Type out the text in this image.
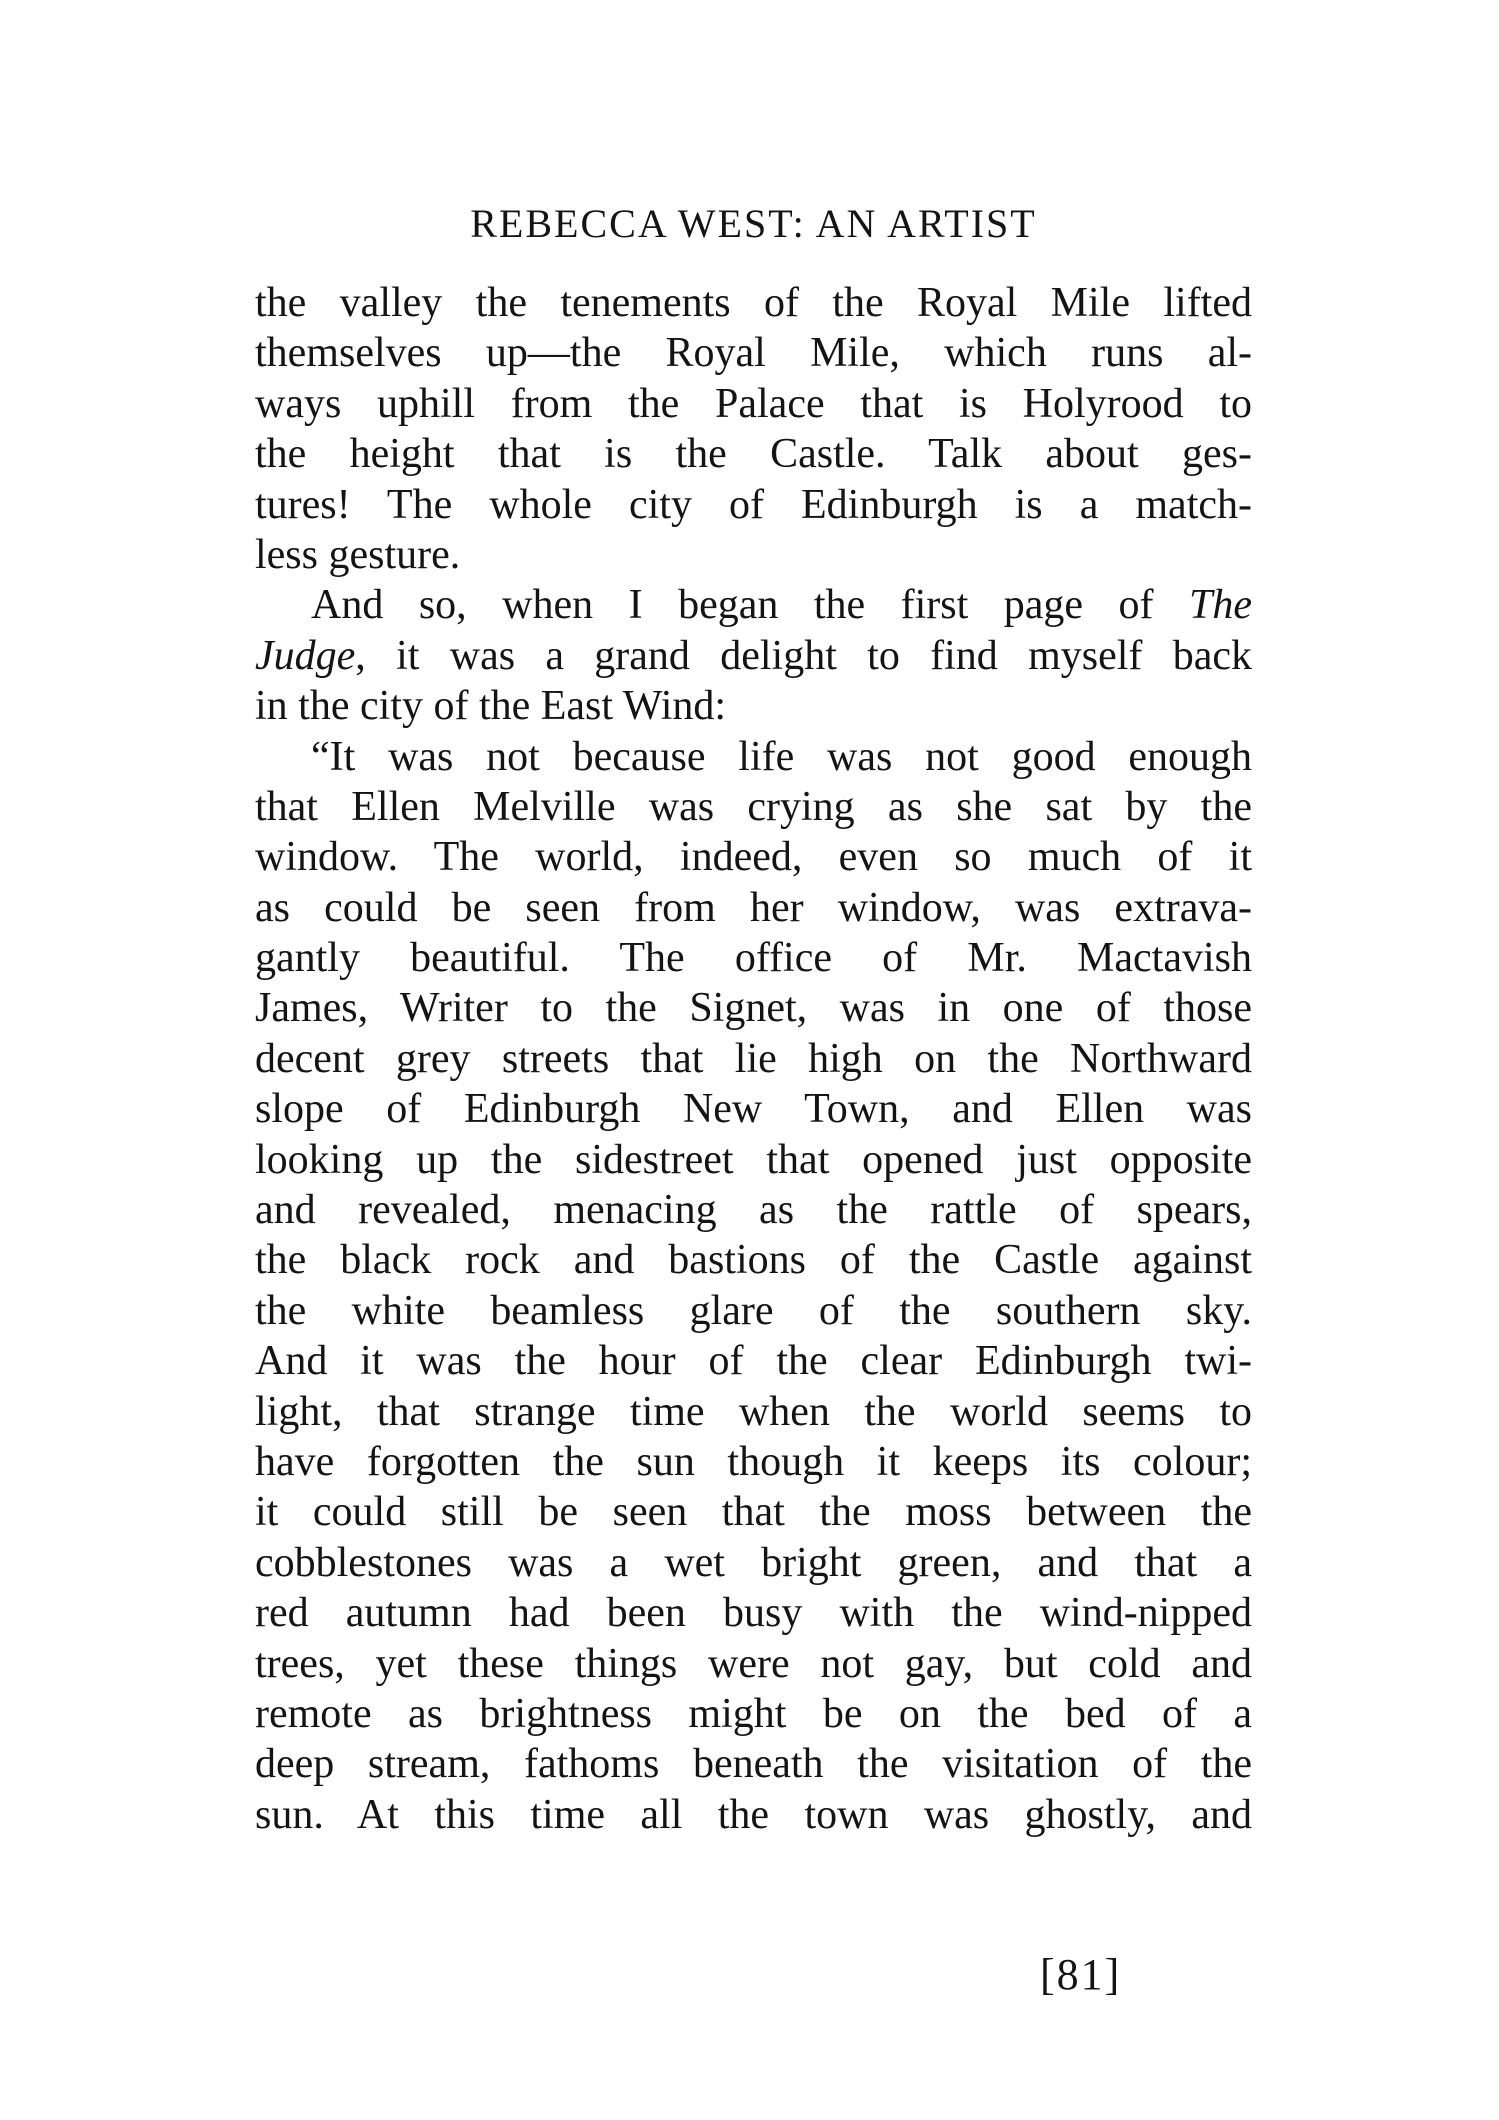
REBECCA WEST: AN ARTIST
the valley the tenements of the Royal Mile lifted
themselves up—the Royal Mile, which runs al-
ways uphill from the Palace that is Holyrood to
the height that is the Castle. Talk about ges-
tures! The whole city of Edinburgh is a match-
less gesture.
And so, when I began the first page of The
Judge, it was a grand delight to find myself back
in the city of the East Wind:
“It was not because life was not good enough
that Ellen Melville was crying as she sat by the
window. The world, indeed, even so much of it
as could be seen from her window, was extrava-
gantly beautiful. The office of Mr. Mactavish
James, Writer to the Signet, was in one of those
decent grey streets that lie high on the Northward
slope of Edinburgh New Town, and Ellen was
looking up the sidestreet that opened just opposite
and revealed, menacing as the rattle of spears,
the black rock and bastions of the Castle against
the white beamless glare of the southern sky.
And it was the hour of the clear Edinburgh twi-
light, that strange time when the world seems to
have forgotten the sun though it keeps its colour;
it could still be seen that the moss between the
cobblestones was a wet bright green, and that a
red autumn had been busy with the wind-nipped
trees, yet these things were not gay, but cold and
remote as brightness might be on the bed of a
deep stream, fathoms beneath the visitation of the
sun. At this time all the town was ghostly, and
[81]
